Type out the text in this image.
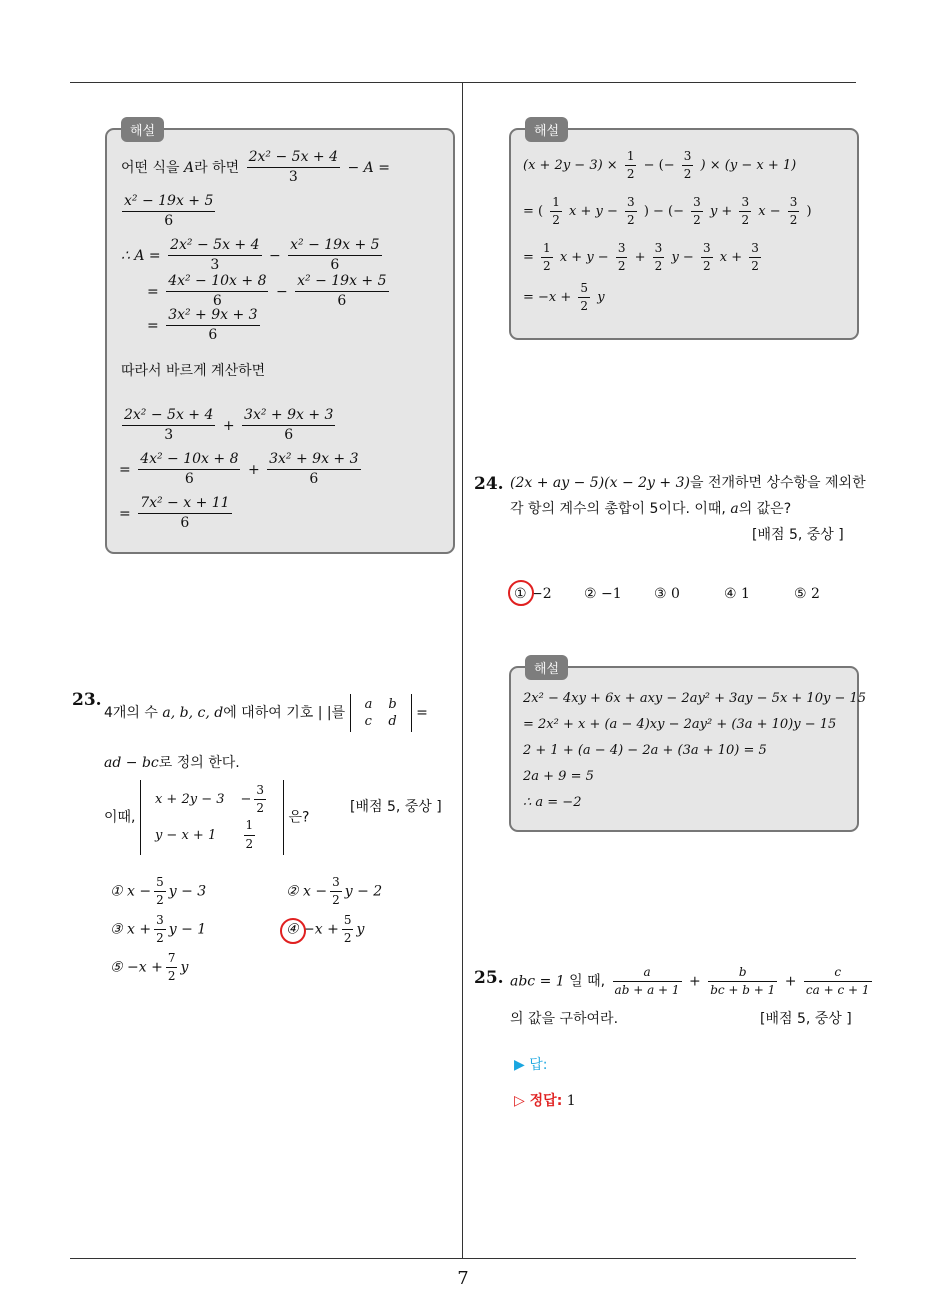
해설
어떤 식을 A라 하면 $\frac{\text{2x² − 5x + 4}}{3} - A$ =
$\frac{\text{x² − 19x + 5}}{6}$
∴ $A = \frac{\text{2x² − 5x + 4}}{3} - \frac{\text{x² − 19x + 5}}{6}$
= $\frac{\text{4x² − 10x + 8}}{6} - \frac{\text{x² − 19x + 5}}{6}$
= $\frac{\text{3x² + 9x + 3}}{6}$
따라서 바르게 계산하면
$\frac{\text{2x² − 5x + 4}}{3} + \frac{\text{3x² + 9x + 3}}{6}$
= $\frac{\text{4x² − 10x + 8}}{6} + \frac{\text{3x² + 9x + 3}}{6}$
= $\frac{\text{7x² − x + 11}}{6}$
해설
$(x + 2y - 3) \times \frac{1}{2}$ − (− $\frac{3}{2}$ ) × (y − x + 1)
= ( $\frac{1}{2}$ $x + y - \frac{3}{2}$ ) − (− $\frac{3}{2}$ $y + \frac{3}{2}$ $x - \frac{3}{2}$ )
= $\frac{1}{2}$ $x + y - \frac{3}{2} + \frac{3}{2}$ $y - \frac{3}{2}$ $x + \frac{3}{2}$
= $-x + \frac{5}{2}$ y
24. (2x + ay − 5)(x − 2y + 3)을 전개하면 상수항을 제외한
각 항의 계수의 총합이 5이다. 이때, a의 값은?
[배점 5, 중상 ]
① −2 ② −1 ③ 0	④ 1	⑤ 2
해설
2x² − 4xy + 6x + axy − 2ay² + 3ay − 5x + 10y − 15
= 2x² + x + (a − 4)xy − 2ay² + (3a + 10)y − 15
2 + 1 + (a − 4) − 2a + (3a + 10) = 5
2a + 9 = 5
∴ a = −2
23.
4개의 수 a, b, c, d에 대하여 기호 | |를
a	b
c	d
=
ad − bc로 정의 한다.
이때,
x + 2y − 3	− $\frac{3}{2}$

y − x + 1	$\frac{1}{2}$
은?
[배점 5, 중상 ]
① $x - \frac{5}{2}$ y − 3	② $x - \frac{3}{2}$ y − 2
③ $x + \frac{3}{2}$ y − 1	④ $-x + \frac{5}{2}$ y
⑤ $-x + \frac{7}{2}$ y
25. abc = 1 일 때, $\frac{a}{ab + a + 1} + \frac{b}{bc + b + 1} + \frac{c}{ca + c + 1}$
의 값을 구하여라.	[배점 5, 중상 ]
▶ 답:
▷ 정답: 1
7
